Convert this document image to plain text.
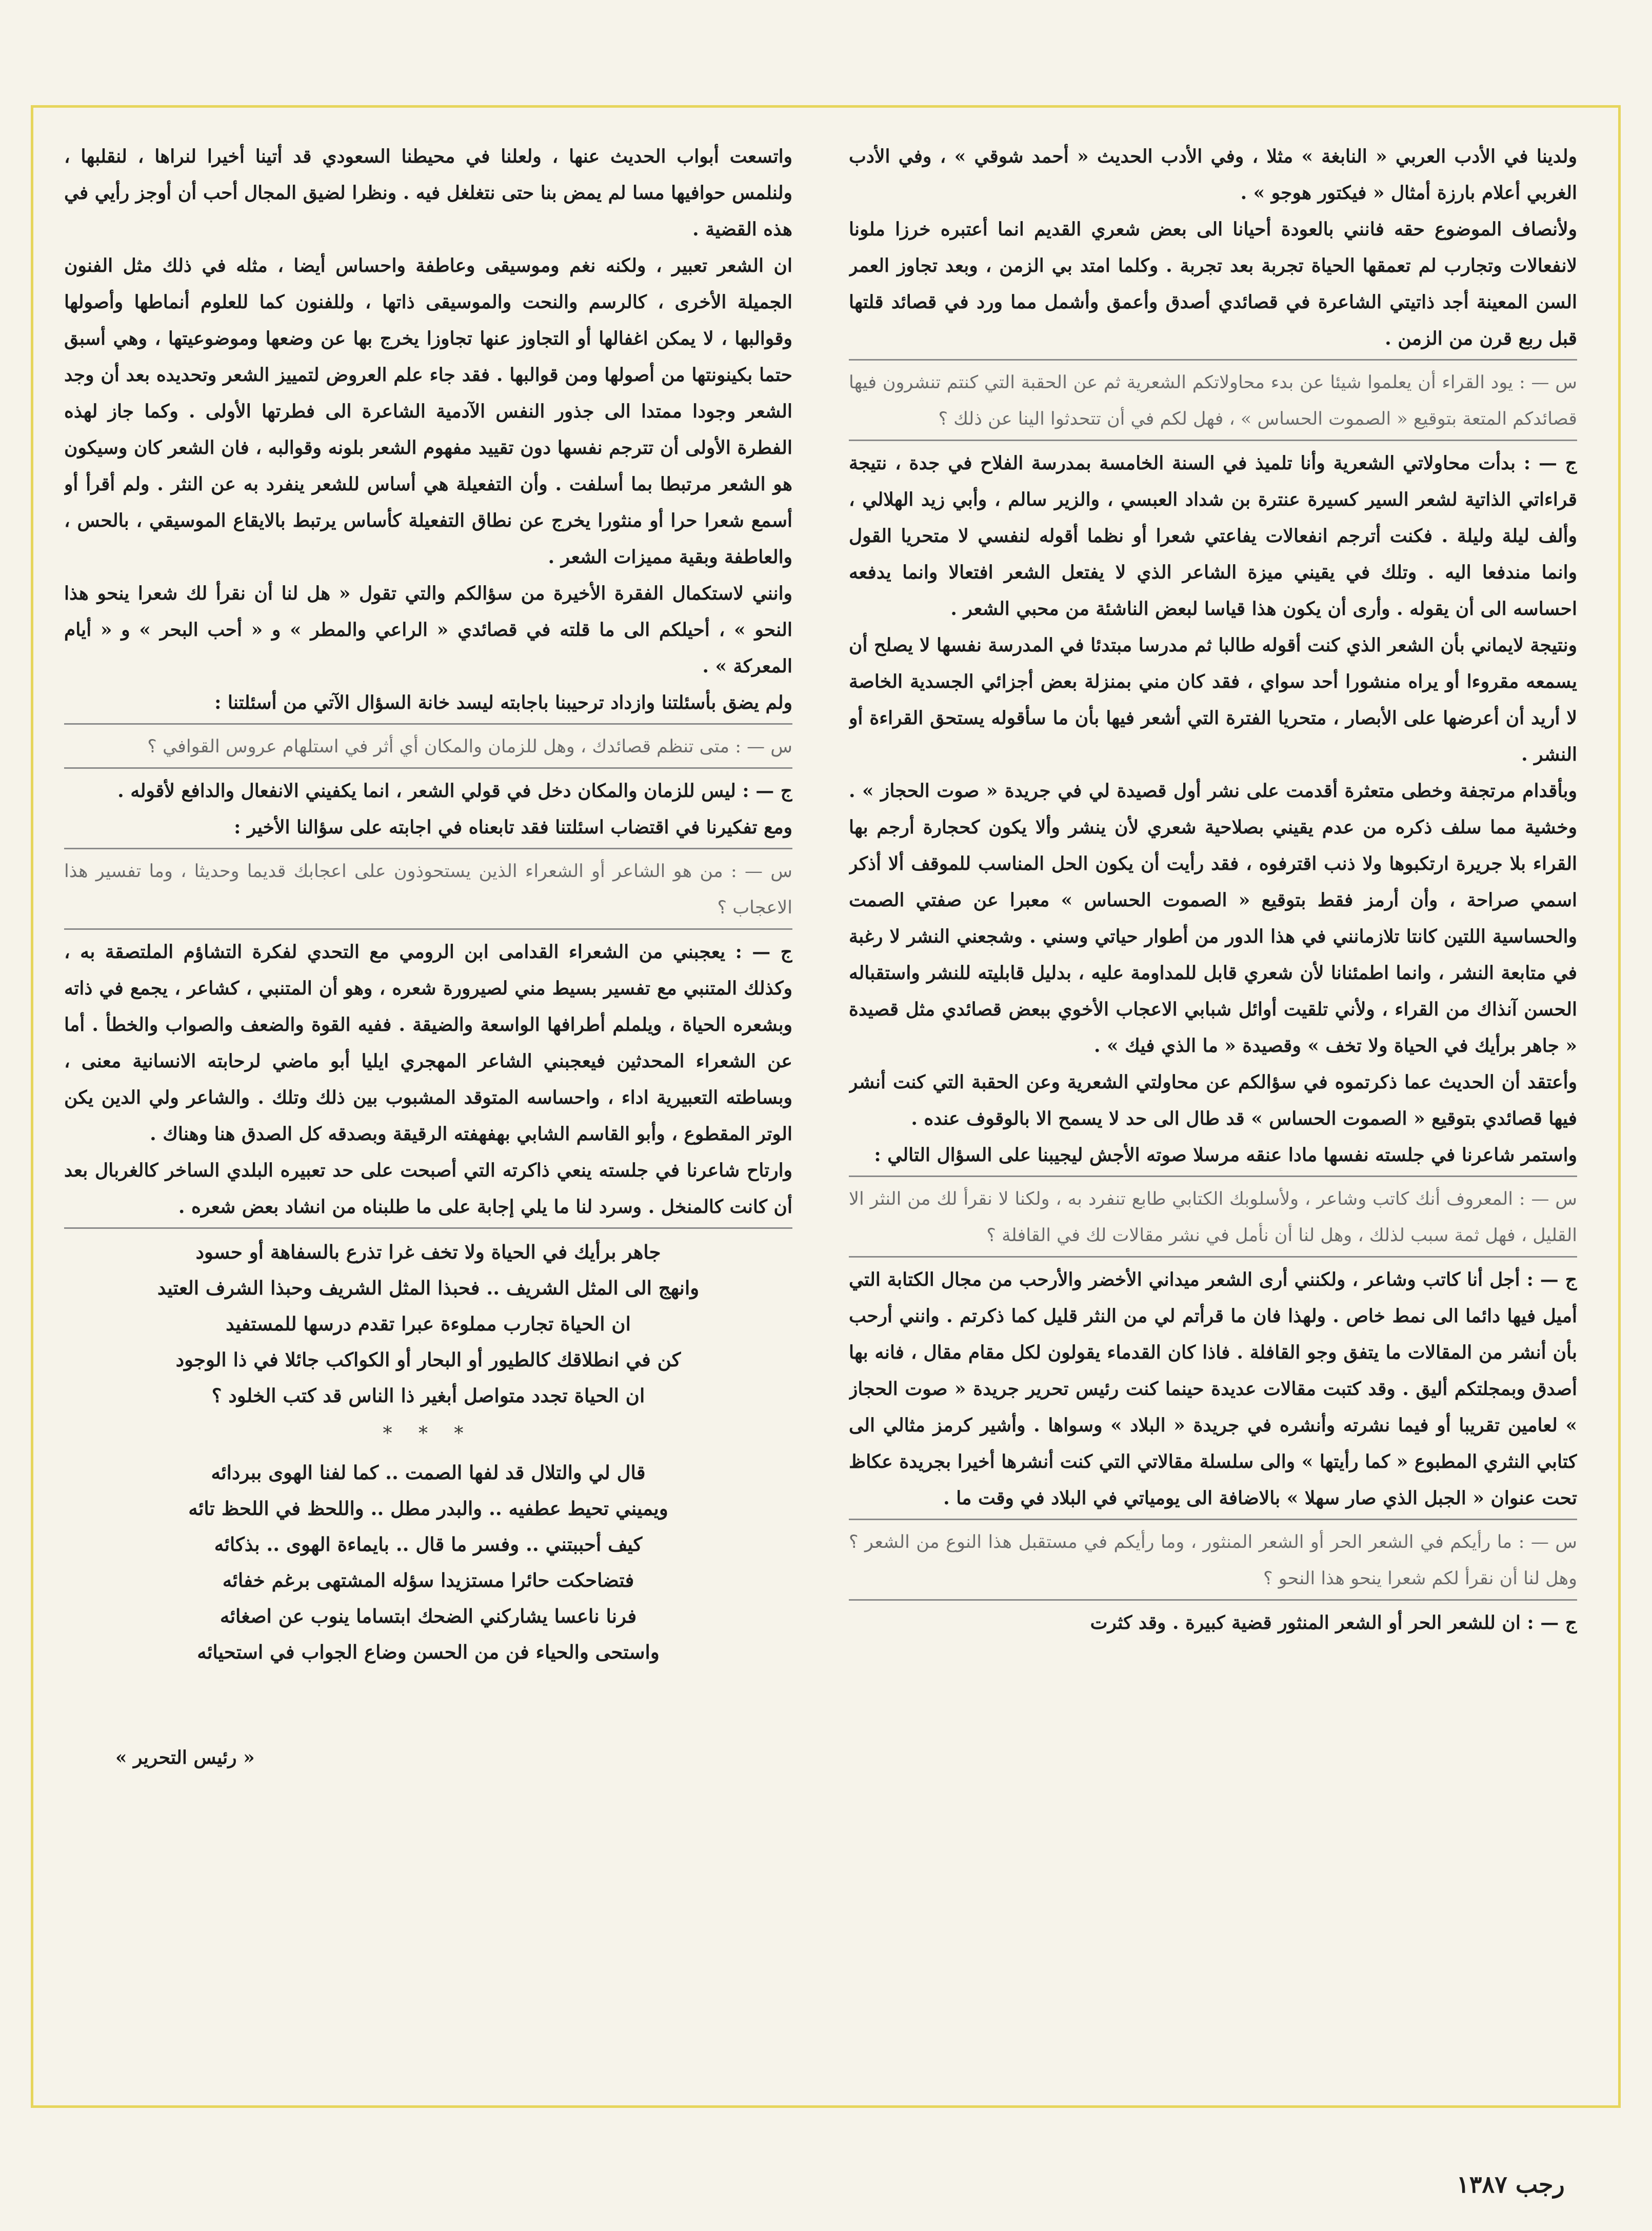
ولدينا في الأدب العربي « النابغة » مثلا ، وفي الأدب الحديث « أحمد شوقي » ، وفي الأدب الغربي أعلام بارزة أمثال « فيكتور هوجو » .

ولأنصاف الموضوع حقه فانني بالعودة أحيانا الى بعض شعري القديم انما أعتبره خرزا ملونا لانفعالات وتجارب لم تعمقها الحياة تجربة بعد تجربة . وكلما امتد بي الزمن ، وبعد تجاوز العمر السن المعينة أجد ذاتيتي الشاعرة في قصائدي أصدق وأعمق وأشمل مما ورد في قصائد قلتها قبل ربع قرن من الزمن .

س — : يود القراء أن يعلموا شيئا عن بدء محاولاتكم الشعرية ثم عن الحقبة التي كنتم تنشرون فيها قصائدكم المتعة بتوقيع « الصموت الحساس » ، فهل لكم في أن تتحدثوا الينا عن ذلك ؟

ج — : بدأت محاولاتي الشعرية وأنا تلميذ في السنة الخامسة بمدرسة الفلاح في جدة ، نتيجة قراءاتي الذاتية لشعر السير كسيرة عنترة بن شداد العبسي ، والزير سالم ، وأبي زيد الهلالي ، وألف ليلة وليلة . فكنت أترجم انفعالات يفاعتي شعرا أو نظما أقوله لنفسي لا متحريا القول وانما مندفعا اليه . وتلك في يقيني ميزة الشاعر الذي لا يفتعل الشعر افتعالا وانما يدفعه احساسه الى أن يقوله . وأرى أن يكون هذا قياسا لبعض الناشئة من محبي الشعر .

ونتيجة لايماني بأن الشعر الذي كنت أقوله طالبا ثم مدرسا مبتدئا في المدرسة نفسها لا يصلح أن يسمعه مقروءا أو يراه منشورا أحد سواي ، فقد كان مني بمنزلة بعض أجزائي الجسدية الخاصة لا أريد أن أعرضها على الأبصار ، متحريا الفترة التي أشعر فيها بأن ما سأقوله يستحق القراءة أو النشر .

وبأقدام مرتجفة وخطى متعثرة أقدمت على نشر أول قصيدة لي في جريدة « صوت الحجاز » . وخشية مما سلف ذكره من عدم يقيني بصلاحية شعري لأن ينشر وألا يكون كحجارة أرجم بها القراء بلا جريرة ارتكبوها ولا ذنب اقترفوه ، فقد رأيت أن يكون الحل المناسب للموقف ألا أذكر اسمي صراحة ، وأن أرمز فقط بتوقيع « الصموت الحساس » معبرا عن صفتي الصمت والحساسية اللتين كانتا تلازمانني في هذا الدور من أطوار حياتي وسني . وشجعني النشر لا رغبة في متابعة النشر ، وانما اطمئنانا لأن شعري قابل للمداومة عليه ، بدليل قابليته للنشر واستقباله الحسن آنذاك من القراء ، ولأني تلقيت أوائل شبابي الاعجاب الأخوي ببعض قصائدي مثل قصيدة « جاهر برأيك في الحياة ولا تخف » وقصيدة « ما الذي فيك » .

وأعتقد أن الحديث عما ذكرتموه في سؤالكم عن محاولتي الشعرية وعن الحقبة التي كنت أنشر فيها قصائدي بتوقيع « الصموت الحساس » قد طال الى حد لا يسمح الا بالوقوف عنده .

واستمر شاعرنا في جلسته نفسها مادا عنقه مرسلا صوته الأجش ليجيبنا على السؤال التالي :

س — : المعروف أنك كاتب وشاعر ، ولأسلوبك الكتابي طابع تنفرد به ، ولكنا لا نقرأ لك من النثر الا القليل ، فهل ثمة سبب لذلك ، وهل لنا أن نأمل في نشر مقالات لك في القافلة ؟

ج — : أجل أنا كاتب وشاعر ، ولكنني أرى الشعر ميداني الأخضر والأرحب من مجال الكتابة التي أميل فيها دائما الى نمط خاص . ولهذا فان ما قرأتم لي من النثر قليل كما ذكرتم . وانني أرحب بأن أنشر من المقالات ما يتفق وجو القافلة . فاذا كان القدماء يقولون لكل مقام مقال ، فانه بها أصدق وبمجلتكم أليق . وقد كتبت مقالات عديدة حينما كنت رئيس تحرير جريدة « صوت الحجاز » لعامين تقريبا أو فيما نشرته وأنشره في جريدة « البلاد » وسواها . وأشير كرمز مثالي الى كتابي النثري المطبوع « كما رأيتها » والى سلسلة مقالاتي التي كنت أنشرها أخيرا بجريدة عكاظ تحت عنوان « الجبل الذي صار سهلا » بالاضافة الى يومياتي في البلاد في وقت ما .

س — : ما رأيكم في الشعر الحر أو الشعر المنثور ، وما رأيكم في مستقبل هذا النوع من الشعر ؟ وهل لنا أن نقرأ لكم شعرا ينحو هذا النحو ؟

ج — : ان للشعر الحر أو الشعر المنثور قضية كبيرة . وقد كثرت

واتسعت أبواب الحديث عنها ، ولعلنا في محيطنا السعودي قد أتينا أخيرا لنراها ، لنقلبها ، ولنلمس حوافيها مسا لم يمض بنا حتى نتغلغل فيه . ونظرا لضيق المجال أحب أن أوجز رأيي في هذه القضية .

ان الشعر تعبير ، ولكنه نغم وموسيقى وعاطفة واحساس أيضا ، مثله في ذلك مثل الفنون الجميلة الأخرى ، كالرسم والنحت والموسيقى ذاتها ، وللفنون كما للعلوم أنماطها وأصولها وقوالبها ، لا يمكن اغفالها أو التجاوز عنها تجاوزا يخرج بها عن وضعها وموضوعيتها ، وهي أسبق حتما بكينونتها من أصولها ومن قوالبها . فقد جاء علم العروض لتمييز الشعر وتحديده بعد أن وجد الشعر وجودا ممتدا الى جذور النفس الآدمية الشاعرة الى فطرتها الأولى . وكما جاز لهذه الفطرة الأولى أن تترجم نفسها دون تقييد مفهوم الشعر بلونه وقوالبه ، فان الشعر كان وسيكون هو الشعر مرتبطا بما أسلفت . وأن التفعيلة هي أساس للشعر ينفرد به عن النثر . ولم أقرأ أو أسمع شعرا حرا أو منثورا يخرج عن نطاق التفعيلة كأساس يرتبط بالايقاع الموسيقي ، بالحس ، والعاطفة وبقية مميزات الشعر .

وانني لاستكمال الفقرة الأخيرة من سؤالكم والتي تقول « هل لنا أن نقرأ لك شعرا ينحو هذا النحو » ، أحيلكم الى ما قلته في قصائدي « الراعي والمطر » و « أحب البحر » و « أيام المعركة » .

ولم يضق بأسئلتنا وازداد ترحيبنا باجابته ليسد خانة السؤال الآتي من أسئلتنا :

س — : متى تنظم قصائدك ، وهل للزمان والمكان أي أثر في استلهام عروس القوافي ؟

ج — : ليس للزمان والمكان دخل في قولي الشعر ، انما يكفيني الانفعال والدافع لأقوله .

ومع تفكيرنا في اقتضاب اسئلتنا فقد تابعناه في اجابته على سؤالنا الأخير :

س — : من هو الشاعر أو الشعراء الذين يستحوذون على اعجابك قديما وحديثا ، وما تفسير هذا الاعجاب ؟

ج — : يعجبني من الشعراء القدامى ابن الرومي مع التحدي لفكرة التشاؤم الملتصقة به ، وكذلك المتنبي مع تفسير بسيط مني لصيرورة شعره ، وهو أن المتنبي ، كشاعر ، يجمع في ذاته وبشعره الحياة ، ويلملم أطرافها الواسعة والضيقة . ففيه القوة والضعف والصواب والخطأ . أما عن الشعراء المحدثين فيعجبني الشاعر المهجري ايليا أبو ماضي لرحابته الانسانية معنى ، وبساطته التعبيرية اداء ، واحساسه المتوقد المشبوب بين ذلك وتلك . والشاعر ولي الدين يكن الوتر المقطوع ، وأبو القاسم الشابي بهفهفته الرقيقة وبصدقه كل الصدق هنا وهناك .

وارتاح شاعرنا في جلسته ينعي ذاكرته التي أصبحت على حد تعبيره البلدي الساخر كالغربال بعد أن كانت كالمنخل . وسرد لنا ما يلي إجابة على ما طلبناه من انشاد بعض شعره .

جاهر برأيك في الحياة ولا تخف غرا تذرع بالسفاهة أو حسود

وانهج الى المثل الشريف .. فحبذا المثل الشريف وحبذا الشرف العتيد

ان الحياة تجارب مملوءة عبرا تقدم درسها للمستفيد

كن في انطلاقك كالطيور أو البحار أو الكواكب جائلا في ذا الوجود

ان الحياة تجدد متواصل أبغير ذا الناس قد كتب الخلود ؟

* * *

قال لي والتلال قد لفها الصمت .. كما لفنا الهوى ببردائه

ويميني تحيط عطفيه .. والبدر مطل .. واللحظ في اللحظ تائه

كيف أحببتني .. وفسر ما قال .. بايماءة الهوى .. بذكائه

فتضاحكت حائرا مستزيدا سؤله المشتهى برغم خفائه

فرنا ناعسا يشاركني الضحك ابتساما ينوب عن اصغائه

واستحى والحياء فن من الحسن وضاع الجواب في استحيائه

« رئيس التحرير »
رجب ١٣٨٧
